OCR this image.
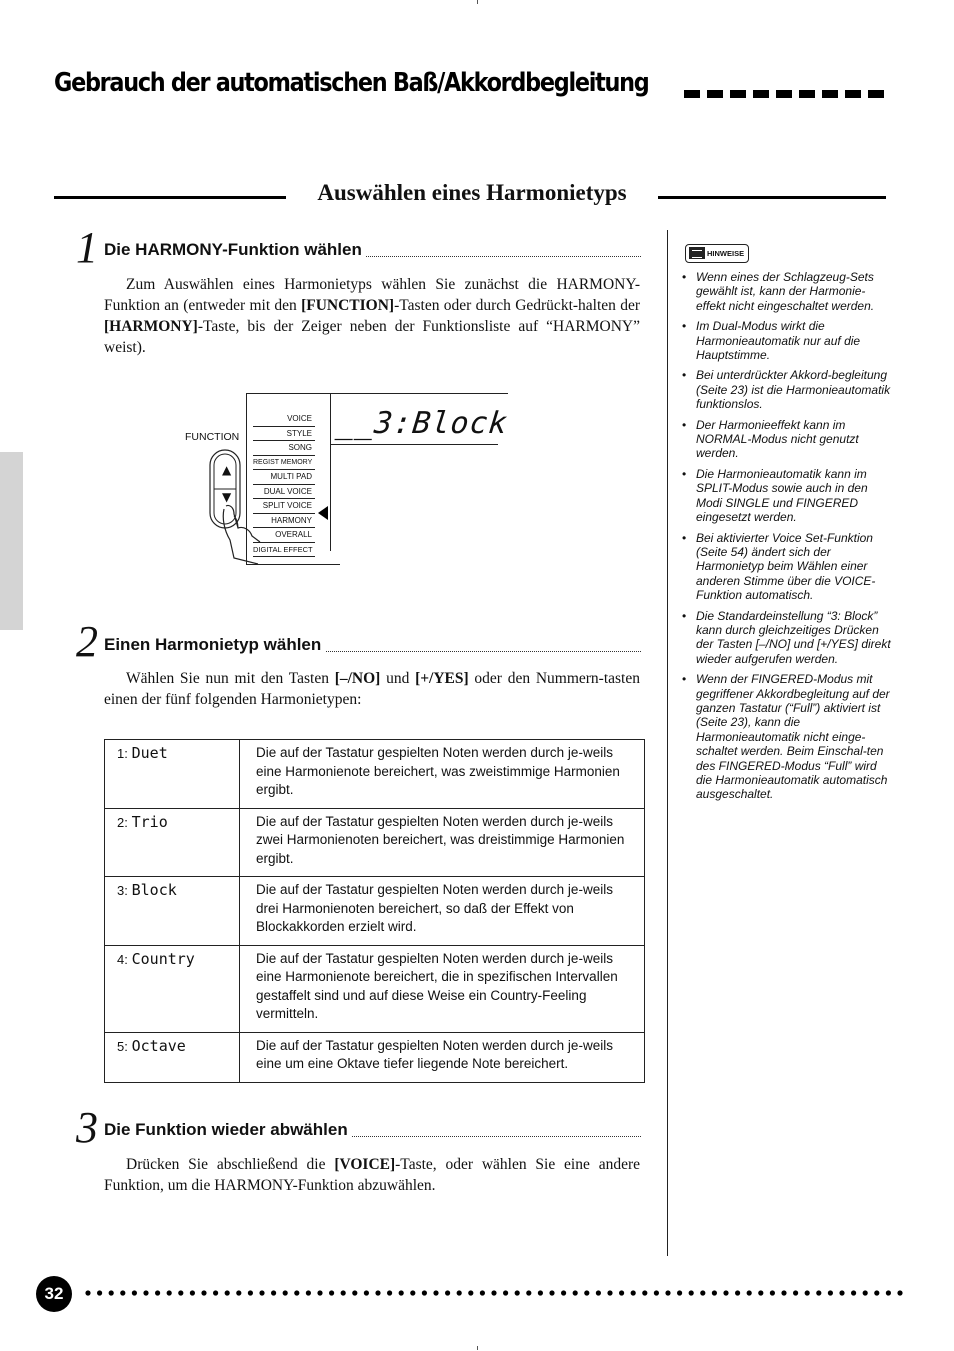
Gebrauch der automatischen Baß/Akkordbegleitung
Auswählen eines Harmonietyps
1 Die HARMONY-Funktion wählen
Zum Auswählen eines Harmonietyps wählen Sie zunächst die HARMONY-Funktion an (entweder mit den [FUNCTION]-Tasten oder durch Gedrückt-halten der [HARMONY]-Taste, bis der Zeiger neben der Funktionsliste auf “HARMONY” weist).
FUNCTION
VOICE
STYLE
SONG
REGIST MEMORY
MULTI PAD
DUAL VOICE
SPLIT VOICE
HARMONY
OVERALL
DIGITAL EFFECT
▲
▼
__3:Block
2 Einen Harmonietyp wählen
Wählen Sie nun mit den Tasten [–/NO] und [+/YES] oder den Nummern-tasten einen der fünf folgenden Harmonietypen:
1: Duet	Die auf der Tastatur gespielten Noten werden durch je-weils eine Harmonienote bereichert, was zweistimmige Harmonien ergibt.
2: Trio	Die auf der Tastatur gespielten Noten werden durch je-weils zwei Harmonienoten bereichert, was dreistimmige Harmonien ergibt.
3: Block	Die auf der Tastatur gespielten Noten werden durch je-weils drei Harmonienoten bereichert, so daß der Effekt von Blockakkorden erzielt wird.
4: Country	Die auf der Tastatur gespielten Noten werden durch je-weils eine Harmonienote bereichert, die in spezifischen Intervallen gestaffelt sind und auf diese Weise ein Country-Feeling vermitteln.
5: Octave	Die auf der Tastatur gespielten Noten werden durch je-weils eine um eine Oktave tiefer liegende Note bereichert.
3 Die Funktion wieder abwählen
Drücken Sie abschließend die [VOICE]-Taste, oder wählen Sie eine andere Funktion, um die HARMONY-Funktion abzuwählen.
HINWEISE
• Wenn eines der Schlagzeug-Sets gewählt ist, kann der Harmonie-effekt nicht eingeschaltet werden.
• Im Dual-Modus wirkt die Harmonieautomatik nur auf die Hauptstimme.
• Bei unterdrückter Akkord-begleitung (Seite 23) ist die Harmonieautomatik funktionslos.
• Der Harmonieeffekt kann im NORMAL-Modus nicht genutzt werden.
• Die Harmonieautomatik kann im SPLIT-Modus sowie auch in den Modi SINGLE und FINGERED eingesetzt werden.
• Bei aktivierter Voice Set-Funktion (Seite 54) ändert sich der Harmonietyp beim Wählen einer anderen Stimme über die VOICE-Funktion automatisch.
• Die Standardeinstellung “3: Block” kann durch gleichzeitiges Drücken der Tasten [–/NO] und [+/YES] direkt wieder aufgerufen werden.
• Wenn der FINGERED-Modus mit gegriffener Akkordbegleitung auf der ganzen Tastatur (“Full”) aktiviert ist (Seite 23), kann die Harmonieautomatik nicht einge-schaltet werden. Beim Einschal-ten des FINGERED-Modus “Full” wird die Harmonieautomatik automatisch ausgeschaltet.
32
